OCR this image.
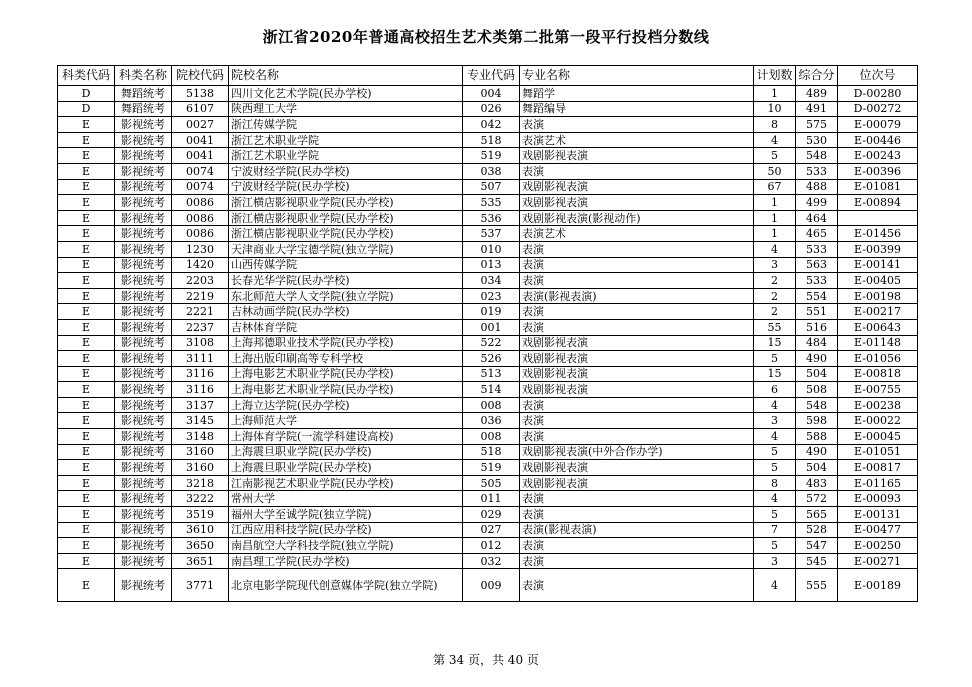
浙江省2020年普通高校招生艺术类第二批第一段平行投档分数线
科类代码	科类名称	院校代码	院校名称	专业代码	专业名称	计划数	综合分	位次号
D	舞蹈统考	5138	四川文化艺术学院(民办学校)	004	舞蹈学	1	489	D-00280
D	舞蹈统考	6107	陕西理工大学	026	舞蹈编导	10	491	D-00272
E	影视统考	0027	浙江传媒学院	042	表演	8	575	E-00079
E	影视统考	0041	浙江艺术职业学院	518	表演艺术	4	530	E-00446
E	影视统考	0041	浙江艺术职业学院	519	戏剧影视表演	5	548	E-00243
E	影视统考	0074	宁波财经学院(民办学校)	038	表演	50	533	E-00396
E	影视统考	0074	宁波财经学院(民办学校)	507	戏剧影视表演	67	488	E-01081
E	影视统考	0086	浙江横店影视职业学院(民办学校)	535	戏剧影视表演	1	499	E-00894
E	影视统考	0086	浙江横店影视职业学院(民办学校)	536	戏剧影视表演(影视动作)	1	464	
E	影视统考	0086	浙江横店影视职业学院(民办学校)	537	表演艺术	1	465	E-01456
E	影视统考	1230	天津商业大学宝德学院(独立学院)	010	表演	4	533	E-00399
E	影视统考	1420	山西传媒学院	013	表演	3	563	E-00141
E	影视统考	2203	长春光华学院(民办学校)	034	表演	2	533	E-00405
E	影视统考	2219	东北师范大学人文学院(独立学院)	023	表演(影视表演)	2	554	E-00198
E	影视统考	2221	吉林动画学院(民办学校)	019	表演	2	551	E-00217
E	影视统考	2237	吉林体育学院	001	表演	55	516	E-00643
E	影视统考	3108	上海邦德职业技术学院(民办学校)	522	戏剧影视表演	15	484	E-01148
E	影视统考	3111	上海出版印刷高等专科学校	526	戏剧影视表演	5	490	E-01056
E	影视统考	3116	上海电影艺术职业学院(民办学校)	513	戏剧影视表演	15	504	E-00818
E	影视统考	3116	上海电影艺术职业学院(民办学校)	514	戏剧影视表演	6	508	E-00755
E	影视统考	3137	上海立达学院(民办学校)	008	表演	4	548	E-00238
E	影视统考	3145	上海师范大学	036	表演	3	598	E-00022
E	影视统考	3148	上海体育学院(一流学科建设高校)	008	表演	4	588	E-00045
E	影视统考	3160	上海震旦职业学院(民办学校)	518	戏剧影视表演(中外合作办学)	5	490	E-01051
E	影视统考	3160	上海震旦职业学院(民办学校)	519	戏剧影视表演	5	504	E-00817
E	影视统考	3218	江南影视艺术职业学院(民办学校)	505	戏剧影视表演	8	483	E-01165
E	影视统考	3222	常州大学	011	表演	4	572	E-00093
E	影视统考	3519	福州大学至诚学院(独立学院)	029	表演	5	565	E-00131
E	影视统考	3610	江西应用科技学院(民办学校)	027	表演(影视表演)	7	528	E-00477
E	影视统考	3650	南昌航空大学科技学院(独立学院)	012	表演	5	547	E-00250
E	影视统考	3651	南昌理工学院(民办学校)	032	表演	3	545	E-00271
E	影视统考	3771	北京电影学院现代创意媒体学院(独立学院)	009	表演	4	555	E-00189
第 34 页，共 40 页
